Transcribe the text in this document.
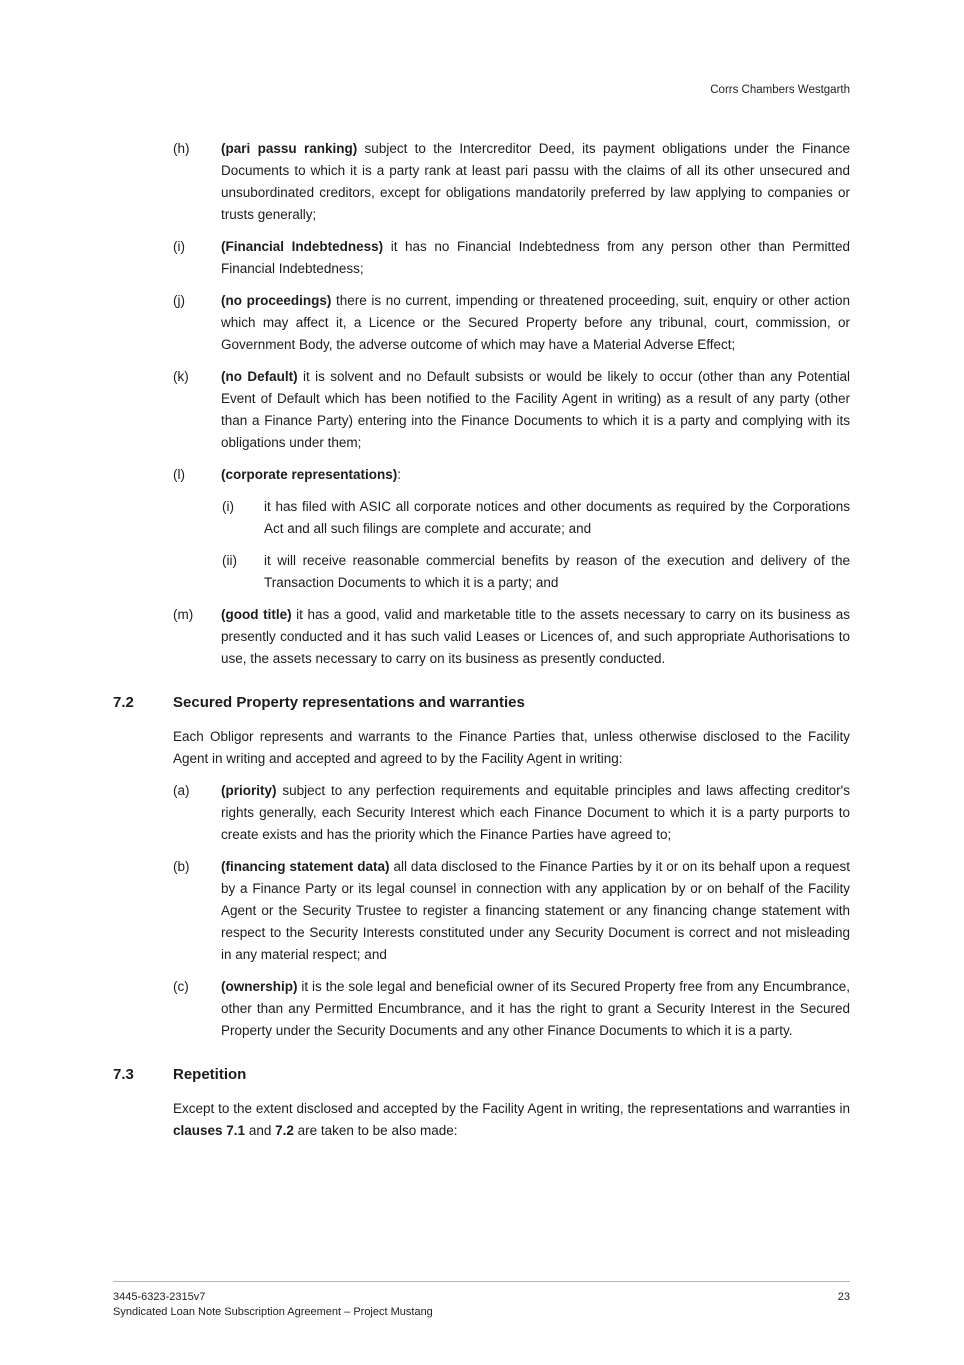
Corrs Chambers Westgarth
(h)	(pari passu ranking) subject to the Intercreditor Deed, its payment obligations under the Finance Documents to which it is a party rank at least pari passu with the claims of all its other unsecured and unsubordinated creditors, except for obligations mandatorily preferred by law applying to companies or trusts generally;
(i)	(Financial Indebtedness) it has no Financial Indebtedness from any person other than Permitted Financial Indebtedness;
(j)	(no proceedings) there is no current, impending or threatened proceeding, suit, enquiry or other action which may affect it, a Licence or the Secured Property before any tribunal, court, commission, or Government Body, the adverse outcome of which may have a Material Adverse Effect;
(k)	(no Default) it is solvent and no Default subsists or would be likely to occur (other than any Potential Event of Default which has been notified to the Facility Agent in writing) as a result of any party (other than a Finance Party) entering into the Finance Documents to which it is a party and complying with its obligations under them;
(l)	(corporate representations):
(i)	it has filed with ASIC all corporate notices and other documents as required by the Corporations Act and all such filings are complete and accurate; and
(ii)	it will receive reasonable commercial benefits by reason of the execution and delivery of the Transaction Documents to which it is a party; and
(m)	(good title) it has a good, valid and marketable title to the assets necessary to carry on its business as presently conducted and it has such valid Leases or Licences of, and such appropriate Authorisations to use, the assets necessary to carry on its business as presently conducted.
7.2	Secured Property representations and warranties

Each Obligor represents and warrants to the Finance Parties that, unless otherwise disclosed to the Facility Agent in writing and accepted and agreed to by the Facility Agent in writing:

(a)	(priority) subject to any perfection requirements and equitable principles and laws affecting creditor's rights generally, each Security Interest which each Finance Document to which it is a party purports to create exists and has the priority which the Finance Parties have agreed to;
(b)	(financing statement data) all data disclosed to the Finance Parties by it or on its behalf upon a request by a Finance Party or its legal counsel in connection with any application by or on behalf of the Facility Agent or the Security Trustee to register a financing statement or any financing change statement with respect to the Security Interests constituted under any Security Document is correct and not misleading in any material respect; and
(c)	(ownership) it is the sole legal and beneficial owner of its Secured Property free from any Encumbrance, other than any Permitted Encumbrance, and it has the right to grant a Security Interest in the Secured Property under the Security Documents and any other Finance Documents to which it is a party.
7.3	Repetition

Except to the extent disclosed and accepted by the Facility Agent in writing, the representations and warranties in clauses 7.1 and 7.2 are taken to be also made:

3445-6323-2315v7	23
Syndicated Loan Note Subscription Agreement – Project Mustang
